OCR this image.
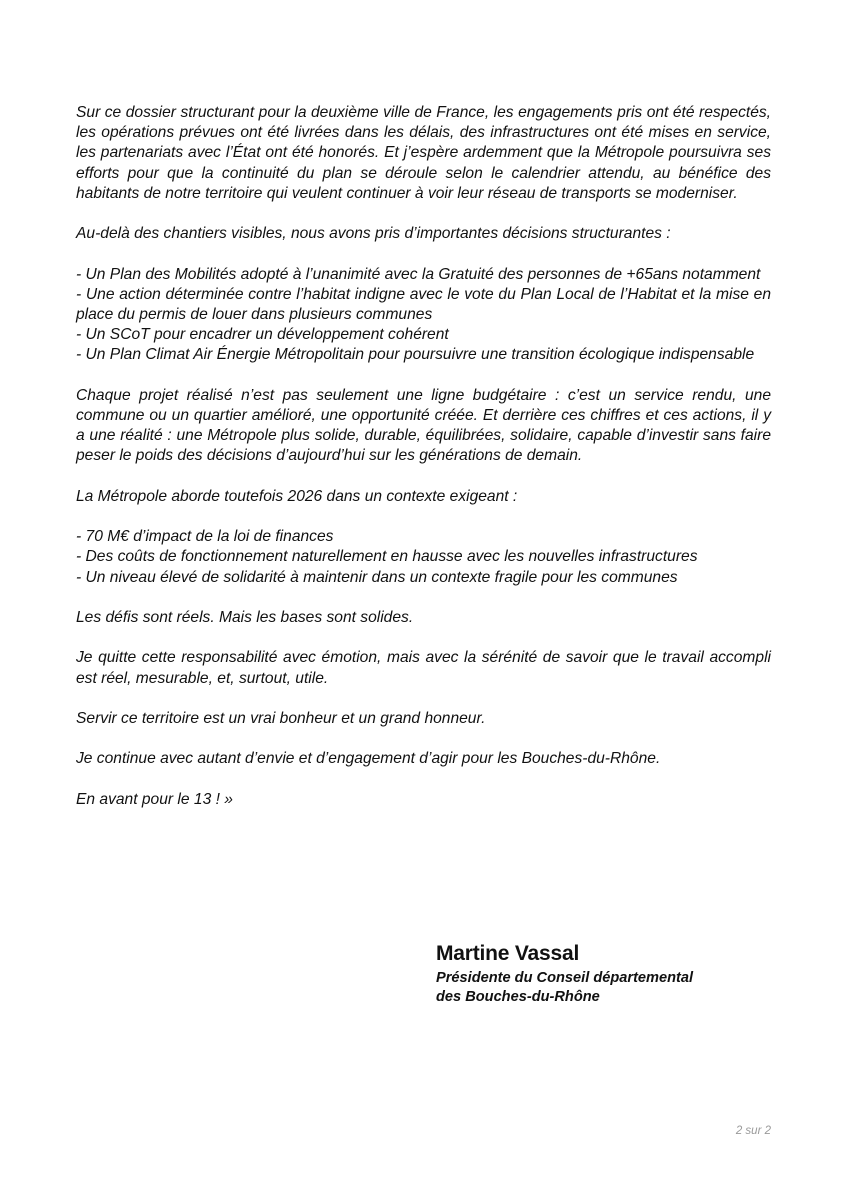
Sur ce dossier structurant pour la deuxième ville de France, les engagements pris ont été respectés, les opérations prévues ont été livrées dans les délais, des infrastructures ont été mises en service, les partenariats avec l’État ont été honorés. Et j’espère ardemment que la Métropole poursuivra ses efforts pour que la continuité du plan se déroule selon le calendrier attendu, au bénéfice des habitants de notre territoire qui veulent continuer à voir leur réseau de transports se moderniser.

Au-delà des chantiers visibles, nous avons pris d’importantes décisions structurantes :

- Un Plan des Mobilités adopté à l’unanimité avec la Gratuité des personnes de +65ans notamment
- Une action déterminée contre l’habitat indigne avec le vote du Plan Local de l’Habitat et la mise en place du permis de louer dans plusieurs communes
- Un SCoT pour encadrer un développement cohérent
- Un Plan Climat Air Énergie Métropolitain pour poursuivre une transition écologique indispensable

Chaque projet réalisé n’est pas seulement une ligne budgétaire : c’est un service rendu, une commune ou un quartier amélioré, une opportunité créée. Et derrière ces chiffres et ces actions, il y a une réalité : une Métropole plus solide, durable, équilibrées, solidaire, capable d’investir sans faire peser le poids des décisions d’aujourd’hui sur les générations de demain.

La Métropole aborde toutefois 2026 dans un contexte exigeant :

- 70 M€ d’impact de la loi de finances
- Des coûts de fonctionnement naturellement en hausse avec les nouvelles infrastructures
- Un niveau élevé de solidarité à maintenir dans un contexte fragile pour les communes

Les défis sont réels. Mais les bases sont solides.

Je quitte cette responsabilité avec émotion, mais avec la sérénité de savoir que le travail accompli est réel, mesurable, et, surtout, utile.

Servir ce territoire est un vrai bonheur et un grand honneur.

Je continue avec autant d’envie et d’engagement d’agir pour les Bouches-du-Rhône.

En avant pour le 13 ! »

Martine Vassal
Présidente du Conseil départemental
des Bouches-du-Rhône
2 sur 2
